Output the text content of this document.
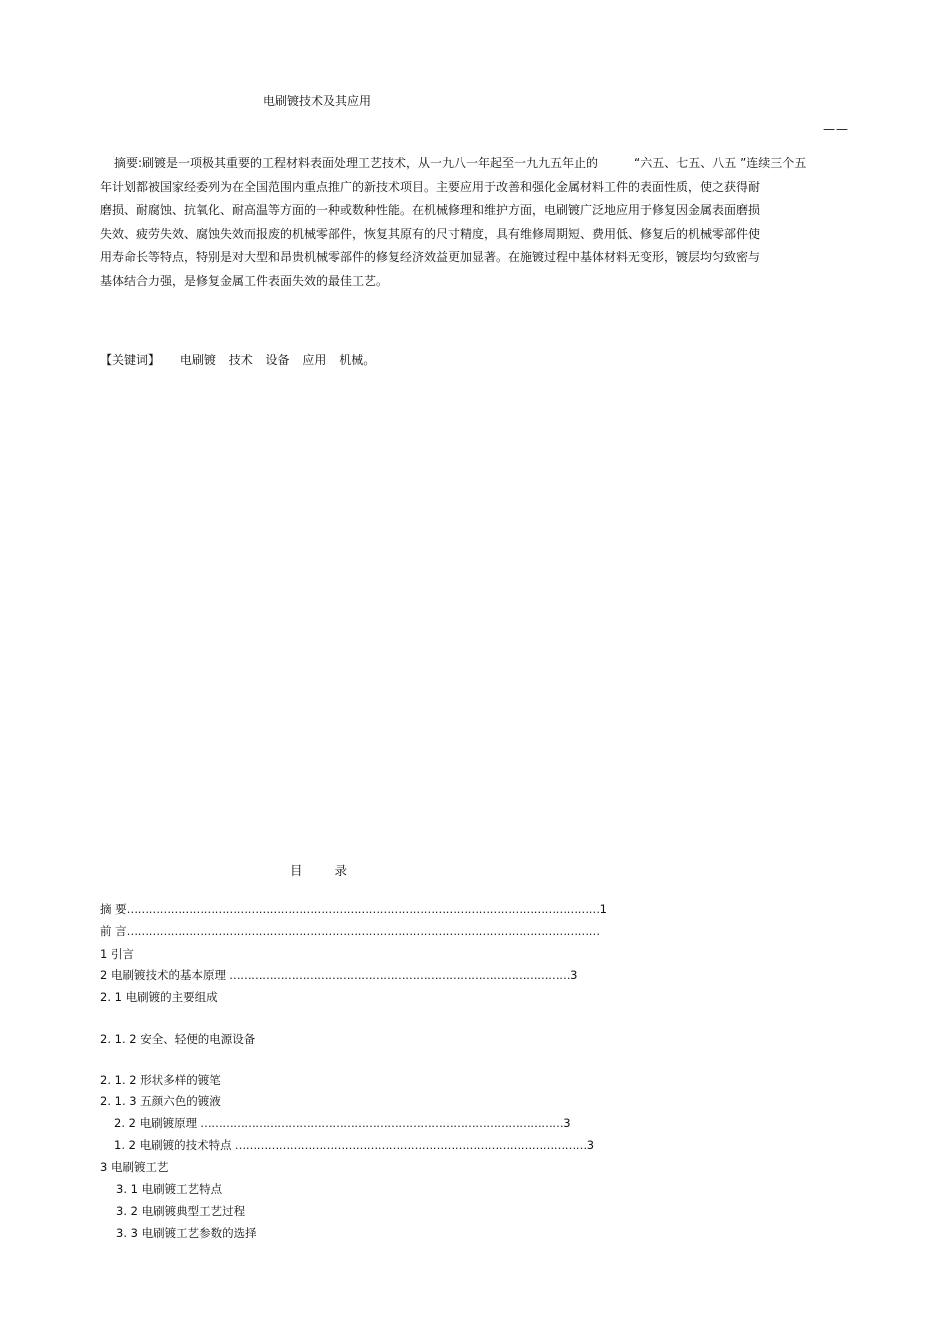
电刷镀技术及其应用
——
摘要:刷镀是一项极其重要的工程材料表面处理工艺技术，从一九八一年起至一九九五年止的　　　“六五、七五、八五 ”连续三个五
年计划都被国家经委列为在全国范围内重点推广的新技术项目。主要应用于改善和强化金属材料工件的表面性质，使之获得耐
磨损、耐腐蚀、抗氧化、耐高温等方面的一种或数种性能。在机械修理和维护方面，电刷镀广泛地应用于修复因金属表面磨损
失效、疲劳失效、腐蚀失效而报废的机械零部件，恢复其原有的尺寸精度，具有维修周期短、费用低、修复后的机械零部件使
用寿命长等特点，特别是对大型和昂贵机械零部件的修复经济效益更加显著。在施镀过程中基体材料无变形，镀层均匀致密与
基体结合力强，是修复金属工件表面失效的最佳工艺。
【关键词】 电刷镀 技术 设备 应用 机械。
目 录
摘 要…………………………………………………………………………………………………………………1
前 言…………………………………………………………………………………………………………………
1 引言
2 电刷镀技术的基本原理 …………………………………………………………………………………3
2. 1 电刷镀的主要组成
2. 1. 2 安全、轻便的电源设备
2. 1. 2 形状多样的镀笔
2. 1. 3 五颜六色的镀液
2. 2 电刷镀原理 ………………………………………………………………………………………3
1. 2 电刷镀的技术特点 ……………………………………………………………………………………3
3 电刷镀工艺
3. 1 电刷镀工艺特点
3. 2 电刷镀典型工艺过程
3. 3 电刷镀工艺参数的选择
